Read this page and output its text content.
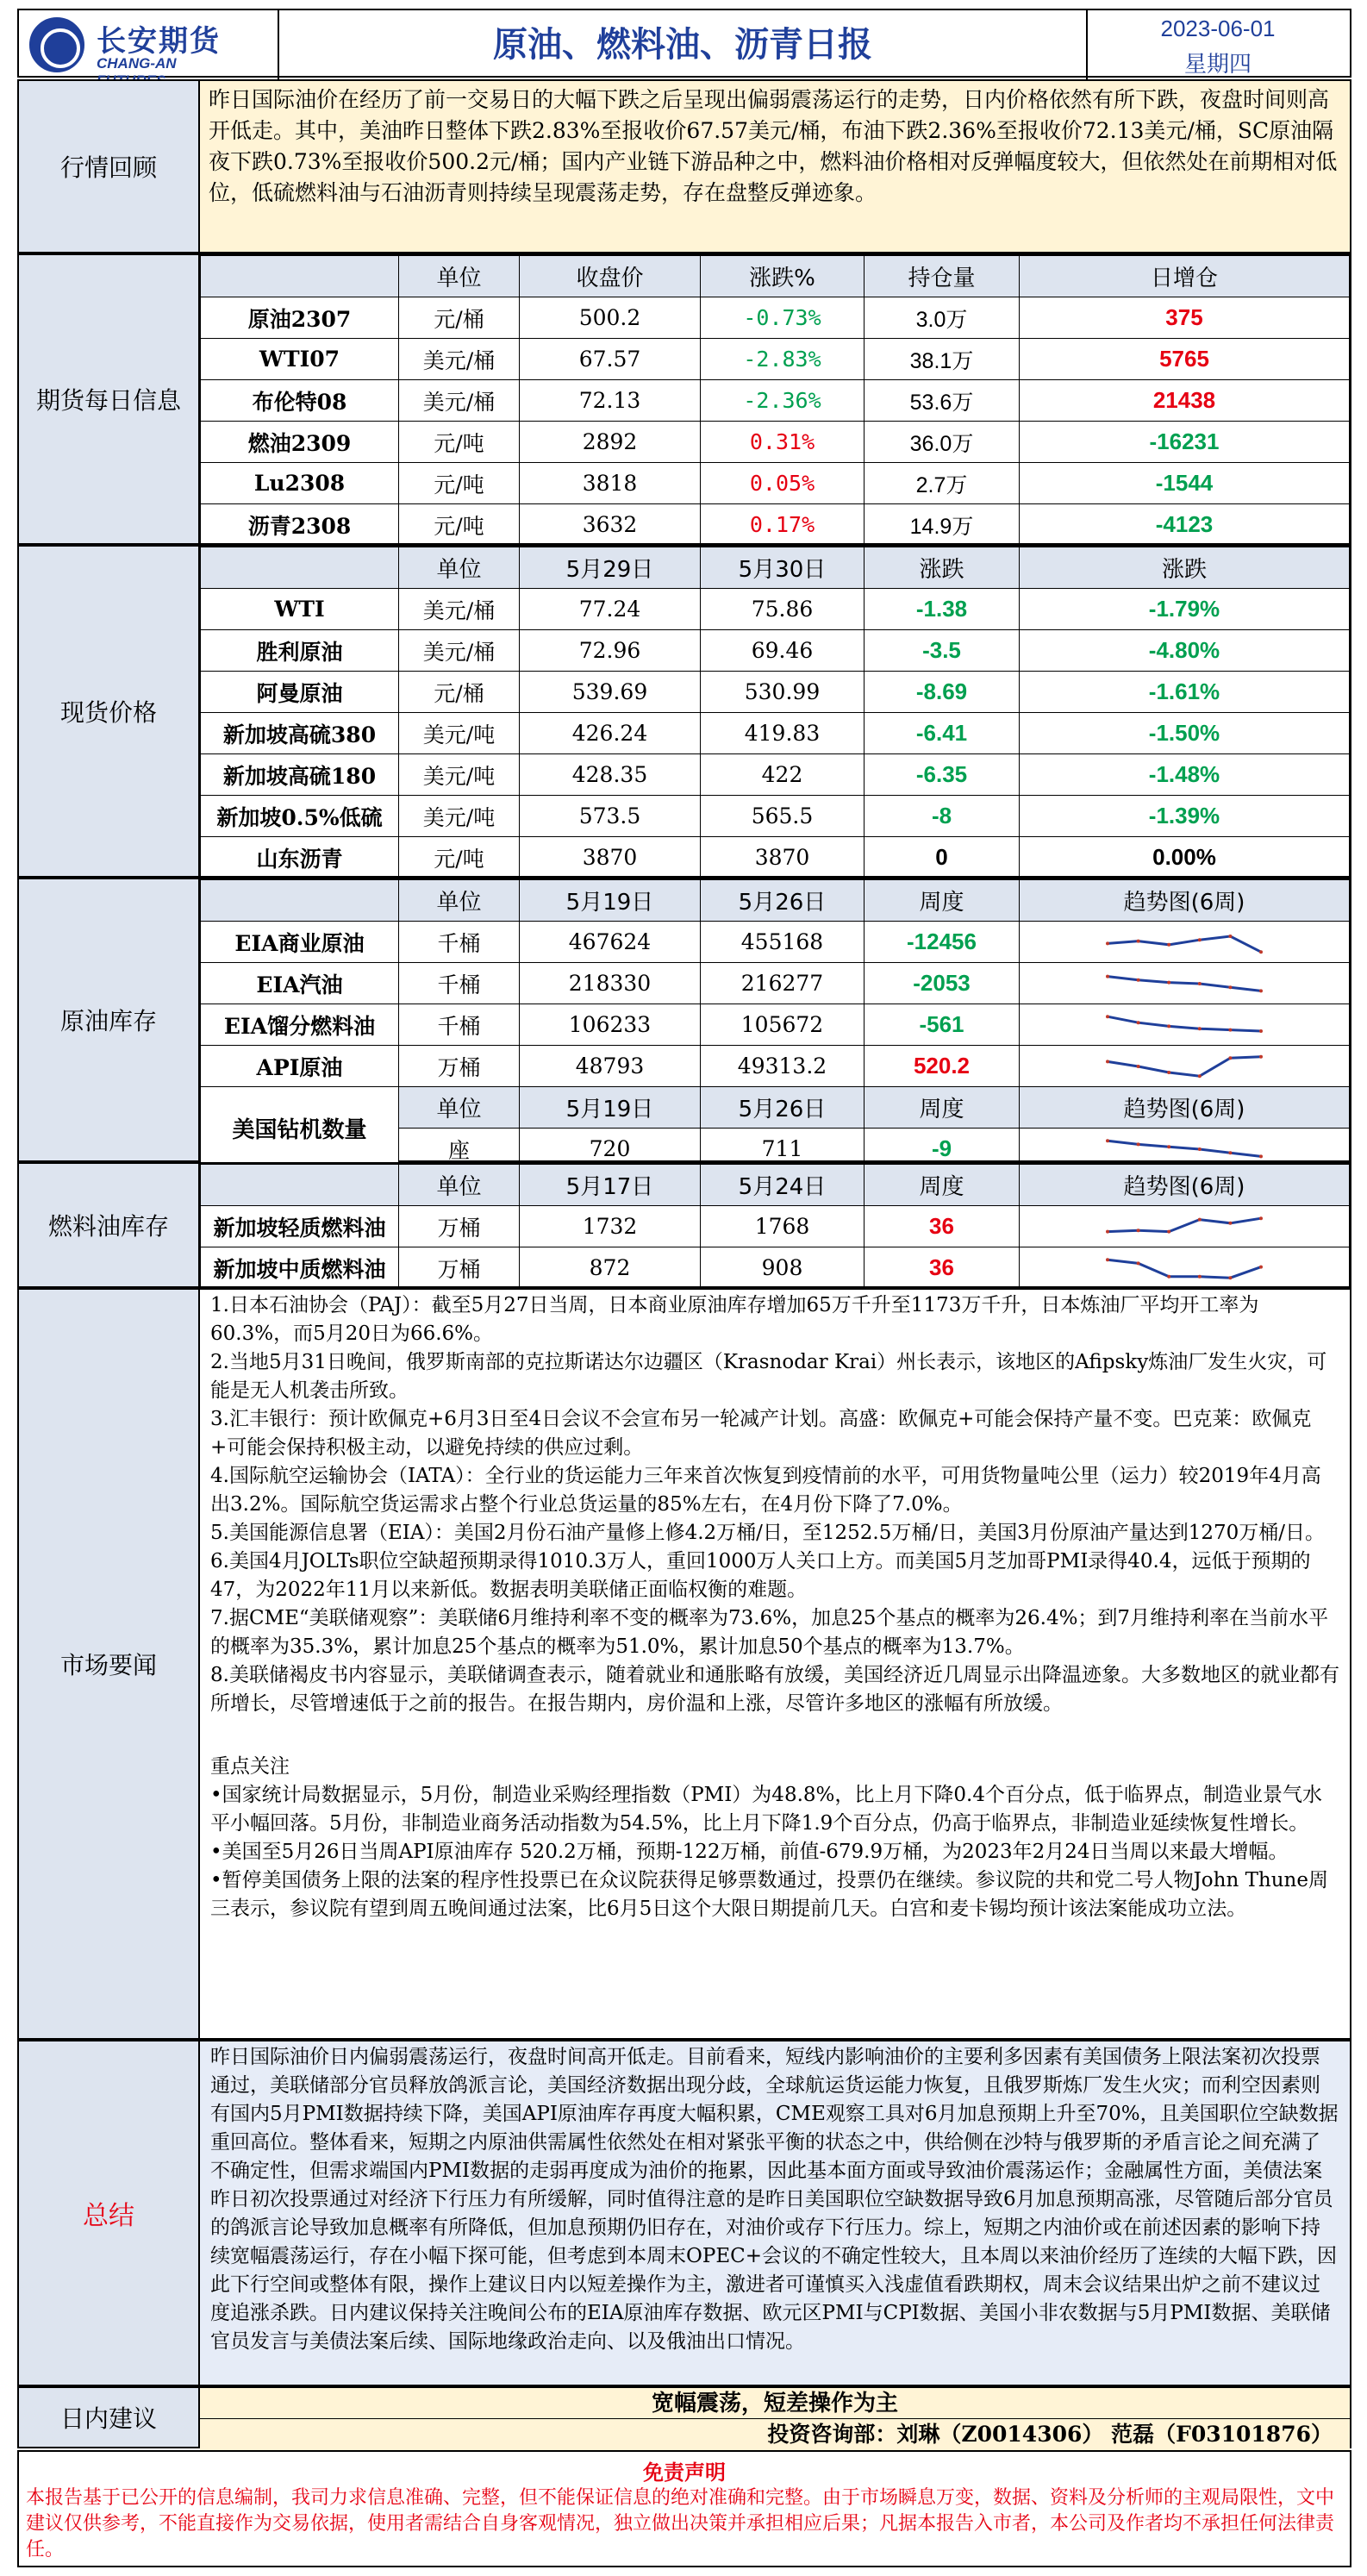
长安期货
CHANG-AN	原油、燃料油、沥青日报	2023-06-01
星期四
行情回顾
昨日国际油价在经历了前一交易日的大幅下跌之后呈现出偏弱震荡运行的走势，日内价格依然有所下跌，夜盘时间则高开低走。其中，美油昨日整体下跌2.83%至报收价67.57美元/桶，布油下跌2.36%至报收价72.13美元/桶，SC原油隔夜下跌0.73%至报收价500.2元/桶；国内产业链下游品种之中，燃料油价格相对反弹幅度较大，但依然处在前期相对低位，低硫燃料油与石油沥青则持续呈现震荡走势，存在盘整反弹迹象。
期货每日信息
	单位	收盘价	涨跌%	持仓量	日增仓
原油2307	元/桶	500.2	-0.73%	3.0万	375
WTI07	美元/桶	67.57	-2.83%	38.1万	5765
布伦特08	美元/桶	72.13	-2.36%	53.6万	21438
燃油2309	元/吨	2892	0.31%	36.0万	-16231
Lu2308	元/吨	3818	0.05%	2.7万	-1544
沥青2308	元/吨	3632	0.17%	14.9万	-4123
现货价格
	单位	5月29日	5月30日	涨跌	涨跌
WTI	美元/桶	77.24	75.86	-1.38	-1.79%
胜利原油	美元/桶	72.96	69.46	-3.5	-4.80%
阿曼原油	元/桶	539.69	530.99	-8.69	-1.61%
新加坡高硫380	美元/吨	426.24	419.83	-6.41	-1.50%
新加坡高硫180	美元/吨	428.35	422	-6.35	-1.48%
新加坡0.5%低硫	美元/吨	573.5	565.5	-8	-1.39%
山东沥青	元/吨	3870	3870	0	0.00%
原油库存
	单位	5月19日	5月26日	周度	趋势图(6周)
EIA商业原油	千桶	467624	455168	-12456	

EIA汽油	千桶	218330	216277	-2053	

EIA馏分燃料油	千桶	106233	105672	-561	

API原油	万桶	48793	49313.2	520.2	

美国钻机数量	单位	5月19日	5月26日	周度	趋势图(6周)
	座	720	711	-9	
燃料油库存
	单位	5月17日	5月24日	周度	趋势图(6周)
新加坡轻质燃料油	万桶	1732	1768	36	

新加坡中质燃料油	万桶	872	908	36	
市场要闻

1.日本石油协会（PAJ）：截至5月27日当周，日本商业原油库存增加65万千升至1173万千升，日本炼油厂平均开工率为60.3%，而5月20日为66.6%。

2.当地5月31日晚间，俄罗斯南部的克拉斯诺达尔边疆区（Krasnodar Krai）州长表示，该地区的Afipsky炼油厂发生火灾，可能是无人机袭击所致。

3.汇丰银行：预计欧佩克+6月3日至4日会议不会宣布另一轮减产计划。高盛：欧佩克+可能会保持产量不变。巴克莱：欧佩克+可能会保持积极主动，以避免持续的供应过剩。

4.国际航空运输协会（IATA）：全行业的货运能力三年来首次恢复到疫情前的水平，可用货物量吨公里（运力）较2019年4月高出3.2%。国际航空货运需求占整个行业总货运量的85%左右，在4月份下降了7.0%。

5.美国能源信息署（EIA）：美国2月份石油产量修上修4.2万桶/日，至1252.5万桶/日，美国3月份原油产量达到1270万桶/日。

6.美国4月JOLTs职位空缺超预期录得1010.3万人，重回1000万人关口上方。而美国5月芝加哥PMI录得40.4，远低于预期的47，为2022年11月以来新低。数据表明美联储正面临权衡的难题。

7.据CME“美联储观察”：美联储6月维持利率不变的概率为73.6%，加息25个基点的概率为26.4%；到7月维持利率在当前水平的概率为35.3%，累计加息25个基点的概率为51.0%，累计加息50个基点的概率为13.7%。

8.美联储褐皮书内容显示，美联储调查表示，随着就业和通胀略有放缓，美国经济近几周显示出降温迹象。大多数地区的就业都有所增长，尽管增速低于之前的报告。在报告期内，房价温和上涨，尽管许多地区的涨幅有所放缓。

重点关注

•国家统计局数据显示，5月份，制造业采购经理指数（PMI）为48.8%，比上月下降0.4个百分点，低于临界点，制造业景气水平小幅回落。5月份，非制造业商务活动指数为54.5%，比上月下降1.9个百分点，仍高于临界点，非制造业延续恢复性增长。

•美国至5月26日当周API原油库存 520.2万桶，预期-122万桶，前值-679.9万桶，为2023年2月24日当周以来最大增幅。

•暂停美国债务上限的法案的程序性投票已在众议院获得足够票数通过，投票仍在继续。参议院的共和党二号人物John Thune周三表示，参议院有望到周五晚间通过法案，比6月5日这个大限日期提前几天。白宫和麦卡锡均预计该法案能成功立法。

总结
昨日国际油价日内偏弱震荡运行，夜盘时间高开低走。目前看来，短线内影响油价的主要利多因素有美国债务上限法案初次投票通过，美联储部分官员释放鸽派言论，美国经济数据出现分歧，全球航运货运能力恢复，且俄罗斯炼厂发生火灾；而利空因素则有国内5月PMI数据持续下降，美国API原油库存再度大幅积累，CME观察工具对6月加息预期上升至70%，且美国职位空缺数据重回高位。整体看来，短期之内原油供需属性依然处在相对紧张平衡的状态之中，供给侧在沙特与俄罗斯的矛盾言论之间充满了不确定性，但需求端国内PMI数据的走弱再度成为油价的拖累，因此基本面方面或导致油价震荡运作；金融属性方面，美债法案昨日初次投票通过对经济下行压力有所缓解，同时值得注意的是昨日美国职位空缺数据导致6月加息预期高涨，尽管随后部分官员的鸽派言论导致加息概率有所降低，但加息预期仍旧存在，对油价或存下行压力。综上，短期之内油价或在前述因素的影响下持续宽幅震荡运行，存在小幅下探可能，但考虑到本周末OPEC+会议的不确定性较大，且本周以来油价经历了连续的大幅下跌，因此下行空间或整体有限，操作上建议日内以短差操作为主，激进者可谨慎买入浅虚值看跌期权，周末会议结果出炉之前不建议过度追涨杀跌。日内建议保持关注晚间公布的EIA原油库存数据、欧元区PMI与CPI数据、美国小非农数据与5月PMI数据、美联储官员发言与美债法案后续、国际地缘政治走向、以及俄油出口情况。
日内建议
宽幅震荡，短差操作为主
投资咨询部：刘琳（Z0014306） 范磊（F03101876）
免责声明
本报告基于已公开的信息编制，我司力求信息准确、完整，但不能保证信息的绝对准确和完整。由于市场瞬息万变，数据、资料及分析师的主观局限性，文中建议仅供参考，不能直接作为交易依据，使用者需结合自身客观情况，独立做出决策并承担相应后果；凡据本报告入市者，本公司及作者均不承担任何法律责任。
